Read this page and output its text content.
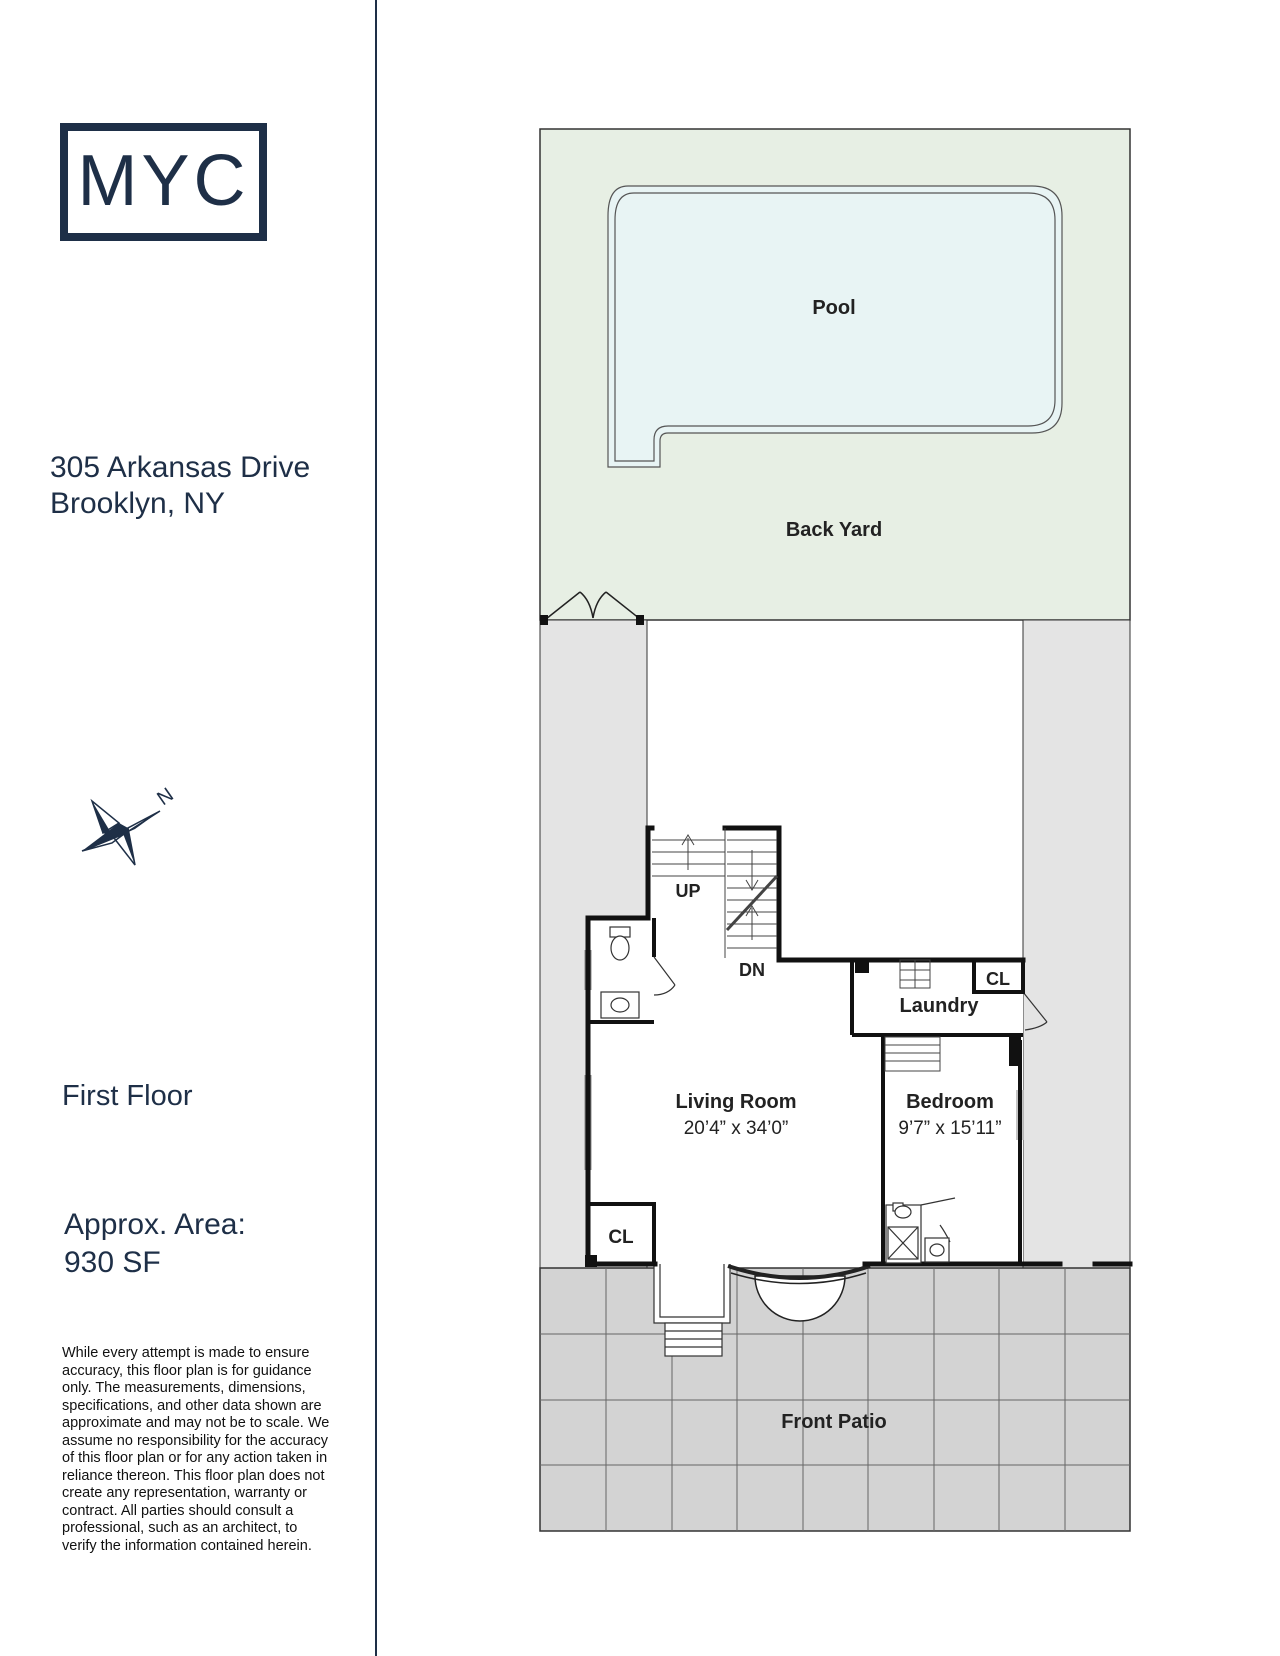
MYC
305 Arkansas Drive
Brooklyn, NY
First Floor
Approx. Area:
930 SF
While every attempt is made to ensure accuracy, this floor plan is for guidance only. The measurements, dimensions, specifications, and other data shown are approximate and may not be to scale. We assume no responsibility for the accuracy of this floor plan or for any action taken in reliance thereon. This floor plan does not create any representation, warranty or contract. All parties should consult a professional, such as an architect, to verify the information contained herein.
N
Pool
Back Yard
UP
DN
Laundry
CL
Living Room
20’4” x 34’0”
Bedroom
9’7” x 15’11”
CL
Front Patio
